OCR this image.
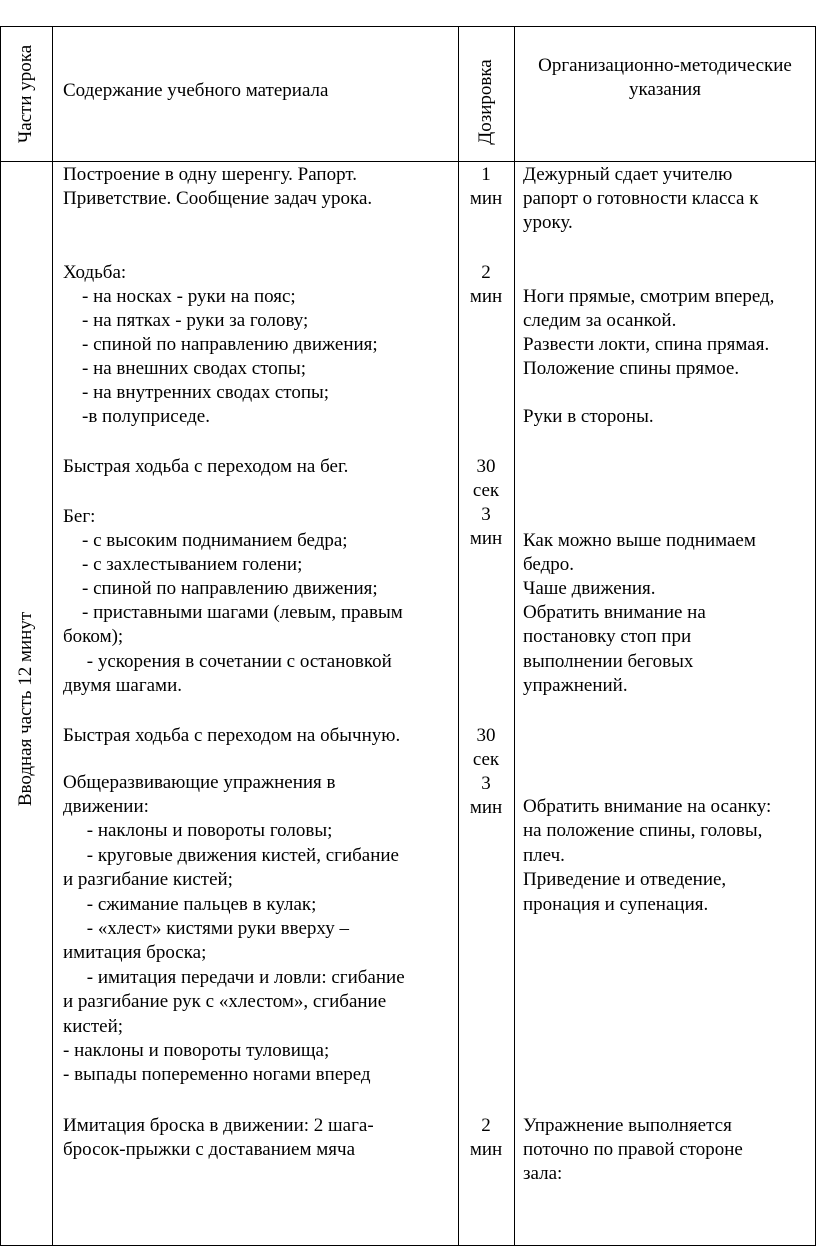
Части урока Содержание учебного материала	Дозировка	Организационно-методические
указания
Вводная часть 12 минут
Построение в одну шеренгу. Рапорт.
Приветствие. Сообщение задач урока.
Ходьба:
- на носках - руки на пояс;
- на пятках - руки за голову;
- спиной по направлению движения;
- на внешних сводах стопы;
- на внутренних сводах стопы;
-в полуприседе.
Быстрая ходьба с переходом на бег.
Бег:
- с высоким подниманием бедра;
- с захлестыванием голени;
- спиной по направлению движения;
- приставными шагами (левым, правым
боком);
- ускорения в сочетании с остановкой
двумя шагами.
Быстрая ходьба с переходом на обычную.
Общеразвивающие упражнения в
движении:
- наклоны и повороты головы;
- круговые движения кистей, сгибание
и разгибание кистей;
- сжимание пальцев в кулак;
- «хлест» кистями руки вверху –
имитация броска;
- имитация передачи и ловли: сгибание
и разгибание рук с «хлестом», сгибание
кистей;
- наклоны и повороты туловища;
- выпады попеременно ногами вперед
Имитация броска в движении: 2 шага-
бросок-прыжки с доставанием мяча
1
мин
2
мин
30
сек
3
мин
30
сек
3
мин
2
мин
Дежурный сдает учителю
рапорт о готовности класса к
уроку.
Ноги прямые, смотрим вперед,
следим за осанкой.
Развести локти, спина прямая.
Положение спины прямое.
Руки в стороны.
Как можно выше поднимаем
бедро.
Чаше движения.
Обратить внимание на
постановку стоп при
выполнении беговых
упражнений.
Обратить внимание на осанку:
на положение спины, головы,
плеч.
Приведение и отведение,
пронация и супенация.
Упражнение выполняется
поточно по правой стороне
зала:
